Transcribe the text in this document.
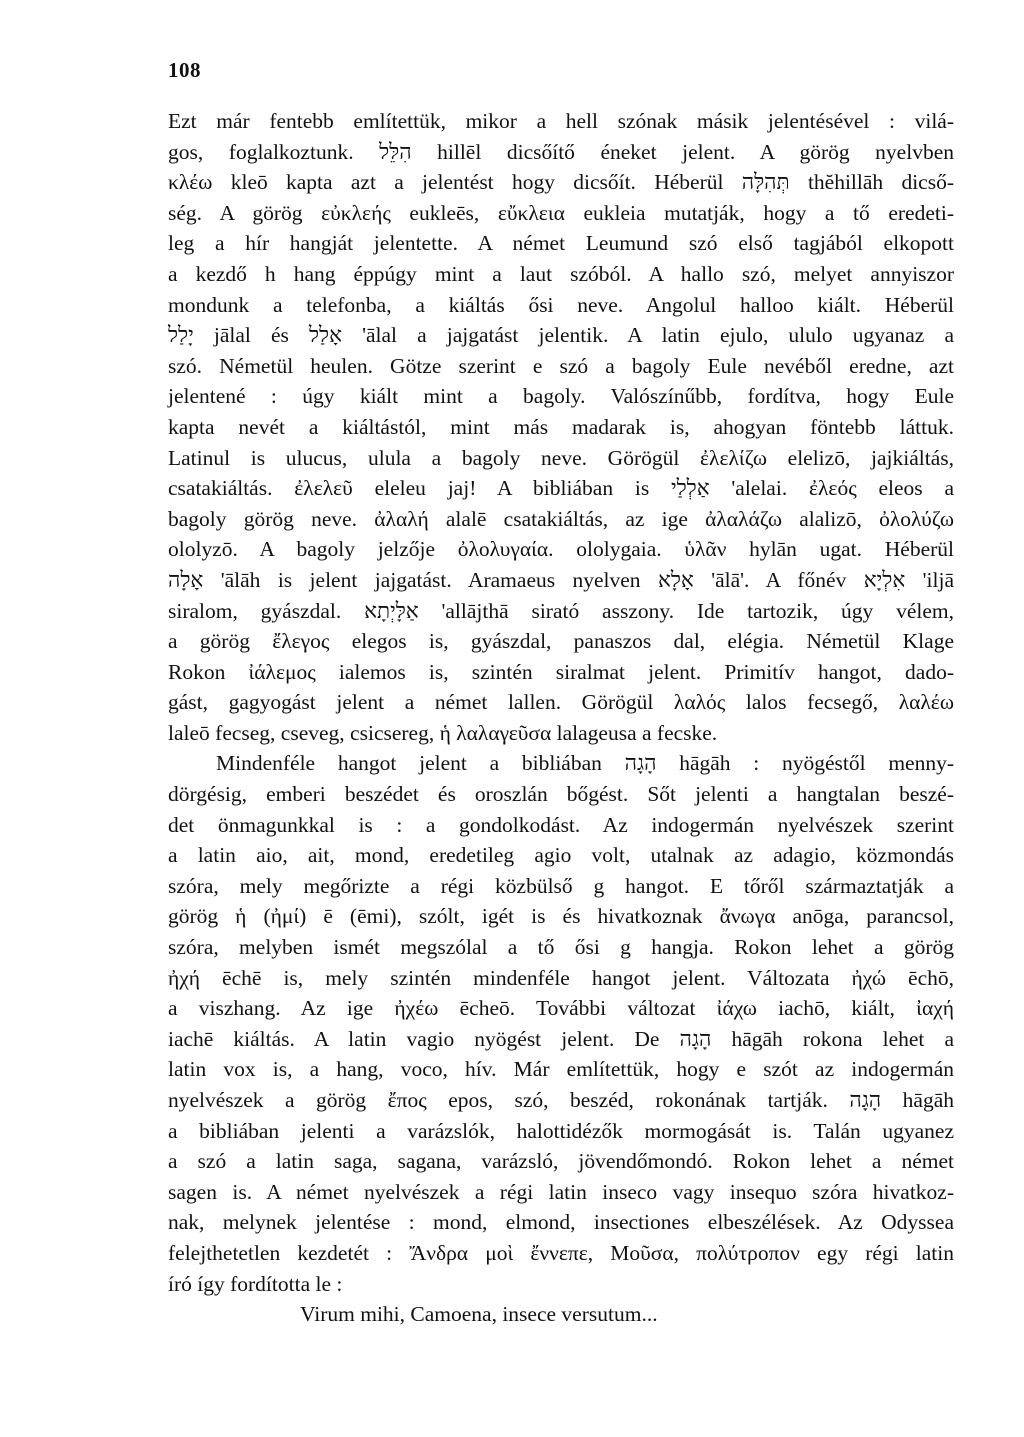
108
Ezt már fentebb említettük, mikor a hell szónak másik jelentésével : vilá-
gos, foglalkoztunk. הִלֵּל hillēl dicsőítő éneket jelent. A görög nyelvben
κλέω kleō kapta azt a jelentést hogy dicsőít. Héberül תְּהִלָּה thĕhillāh dicső-
ség. A görög εὐκλεής eukleēs, εὔκλεια eukleia mutatják, hogy a tő eredeti-
leg a hír hangját jelentette. A német Leumund szó első tagjából elkopott
a kezdő h hang éppúgy mint a laut szóból. A hallo szó, melyet annyiszor
mondunk a telefonba, a kiáltás ősi neve. Angolul halloo kiált. Héberül
יָלַל jālal és אָלַל 'ālal a jajgatást jelentik. A latin ejulo, ululo ugyanaz a
szó. Németül heulen. Götze szerint e szó a bagoly Eule nevéből eredne, azt
jelentené : úgy kiált mint a bagoly. Valószínűbb, fordítva, hogy Eule
kapta nevét a kiáltástól, mint más madarak is, ahogyan föntebb láttuk.
Latinul is ulucus, ulula a bagoly neve. Görögül ἐλελίζω elelizō, jajkiáltás,
csatakiáltás. ἐλελεῦ eleleu jaj! A bibliában is אַלְלַי 'alelai. ἐλεός eleos a
bagoly görög neve. ἀλαλή alalē csatakiáltás, az ige ἀλαλάζω alalizō, ὀλολύζω
ololyzō. A bagoly jelzője ὀλολυγαία. ololygaia. ὑλᾶν hylān ugat. Héberül
אָלָה 'ālāh is jelent jajgatást. Aramaeus nyelven אָלָא 'ālā'. A főnév אִלְיָא 'iljā
siralom, gyászdal. אַלָּיְתָא 'allājthā sirató asszony. Ide tartozik, úgy vélem,
a görög ἔλεγος elegos is, gyászdal, panaszos dal, elégia. Németül Klage
Rokon ἰάλεμος ialemos is, szintén siralmat jelent. Primitív hangot, dado-
gást, gagyogást jelent a német lallen. Görögül λαλός lalos fecsegő, λαλέω
laleō fecseg, cseveg, csicsereg, ἡ λαλαγεῦσα lalageusa a fecske.
Mindenféle hangot jelent a bibliában הָגָה hāgāh : nyögéstől menny-
dörgésig, emberi beszédet és oroszlán bőgést. Sőt jelenti a hangtalan beszé-
det önmagunkkal is : a gondolkodást. Az indogermán nyelvészek szerint
a latin aio, ait, mond, eredetileg agio volt, utalnak az adagio, közmondás
szóra, mely megőrizte a régi közbülső g hangot. E tőről származtatják a
görög ἡ (ἠμί) ē (ēmi), szólt, igét is és hivatkoznak ἄνωγα anōga, parancsol,
szóra, melyben ismét megszólal a tő ősi g hangja. Rokon lehet a görög
ἠχή ēchē is, mely szintén mindenféle hangot jelent. Változata ἠχώ ēchō,
a viszhang. Az ige ἠχέω ēcheō. További változat ἰάχω iachō, kiált, ἰαχή
iachē kiáltás. A latin vagio nyögést jelent. De הָגָה hāgāh rokona lehet a
latin vox is, a hang, voco, hív. Már említettük, hogy e szót az indogermán
nyelvészek a görög ἔπος epos, szó, beszéd, rokonának tartják. הָגָה hāgāh
a bibliában jelenti a varázslók, halottidézők mormogását is. Talán ugyanez
a szó a latin saga, sagana, varázsló, jövendőmondó. Rokon lehet a német
sagen is. A német nyelvészek a régi latin inseco vagy insequo szóra hivatkoz-
nak, melynek jelentése : mond, elmond, insectiones elbeszélések. Az Odyssea
felejthetetlen kezdetét : Ἄνδρα μοὶ ἔννεπε, Μοῦσα, πολύτροπον egy régi latin
író így fordította le :
Virum mihi, Camoena, insece versutum...
